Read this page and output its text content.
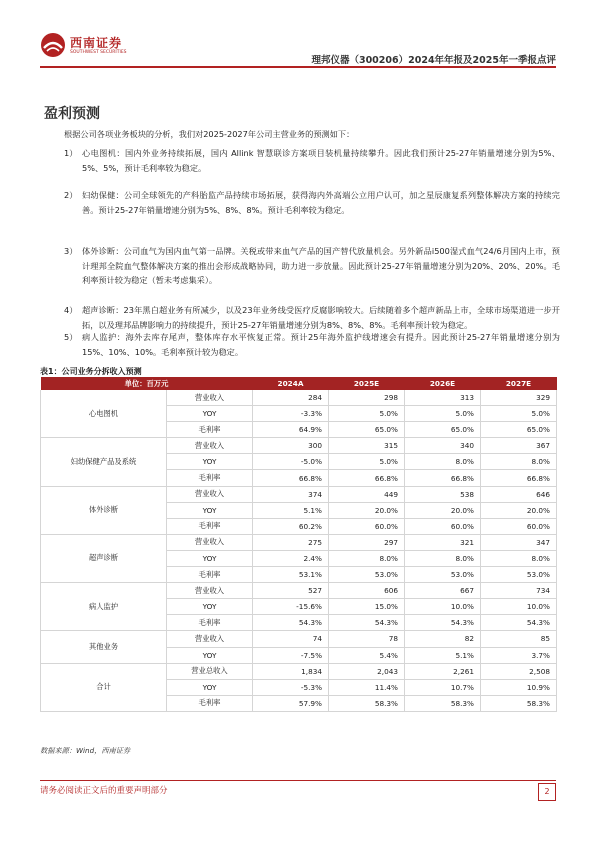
西南证券
SOUTHWEST SECURITIES
理邦仪器（300206）2024年年报及2025年一季报点评
盈利预测
根据公司各项业务板块的分析，我们对2025-2027年公司主营业务的预测如下：
1） 心电图机：国内外业务持续拓展，国内 Allink 智慧联诊方案项目装机量持续攀升。因此我们预计25-27年销量增速分别为5%、5%、5%，预计毛利率较为稳定。
2） 妇幼保健：公司全球领先的产科胎监产品持续市场拓展，获得海内外高端公立用户认可，加之星辰康复系列整体解决方案的持续完善。预计25-27年销量增速分别为5%、8%、8%。预计毛利率较为稳定。
3） 体外诊断：公司血气为国内血气第一品牌。关税或带来血气产品的国产替代放量机会。另外新品i500湿式血气24/6月国内上市，预计理邦全院血气整体解决方案的推出会形成战略协同，助力进一步放量。因此预计25-27年销量增速分别为20%、20%、20%。毛利率预计较为稳定（暂未考虑集采）。
4） 超声诊断：23年黑白超业务有所减少，以及23年业务线受医疗反腐影响较大。后续随着多个超声新品上市，全球市场渠道进一步开拓，以及理邦品牌影响力的持续提升，预计25-27年销量增速分别为8%、8%、8%。毛利率预计较为稳定。
5） 病人监护：海外去库存尾声，整体库存水平恢复正常。预计25年海外监护线增速会有提升。因此预计25-27年销量增速分别为15%、10%、10%。毛利率预计较为稳定。
表1：公司业务分拆收入预测
单位：百万元		2024A	2025E	2026E	2027E
心电图机	营业收入	284	298	313	329
	YOY	-3.3%	5.0%	5.0%	5.0%
	毛利率	64.9%	65.0%	65.0%	65.0%
妇幼保健产品及系统	营业收入	300	315	340	367
	YOY	-5.0%	5.0%	8.0%	8.0%
	毛利率	66.8%	66.8%	66.8%	66.8%
体外诊断	营业收入	374	449	538	646
	YOY	5.1%	20.0%	20.0%	20.0%
	毛利率	60.2%	60.0%	60.0%	60.0%
超声诊断	营业收入	275	297	321	347
	YOY	2.4%	8.0%	8.0%	8.0%
	毛利率	53.1%	53.0%	53.0%	53.0%
病人监护	营业收入	527	606	667	734
	YOY	-15.6%	15.0%	10.0%	10.0%
	毛利率	54.3%	54.3%	54.3%	54.3%
其他业务	营业收入	74	78	82	85
	YOY	-7.5%	5.4%	5.1%	3.7%
合计	营业总收入	1,834	2,043	2,261	2,508
	YOY	-5.3%	11.4%	10.7%	10.9%
	毛利率	57.9%	58.3%	58.3%	58.3%
数据来源：Wind，西南证券
请务必阅读正文后的重要声明部分	2
